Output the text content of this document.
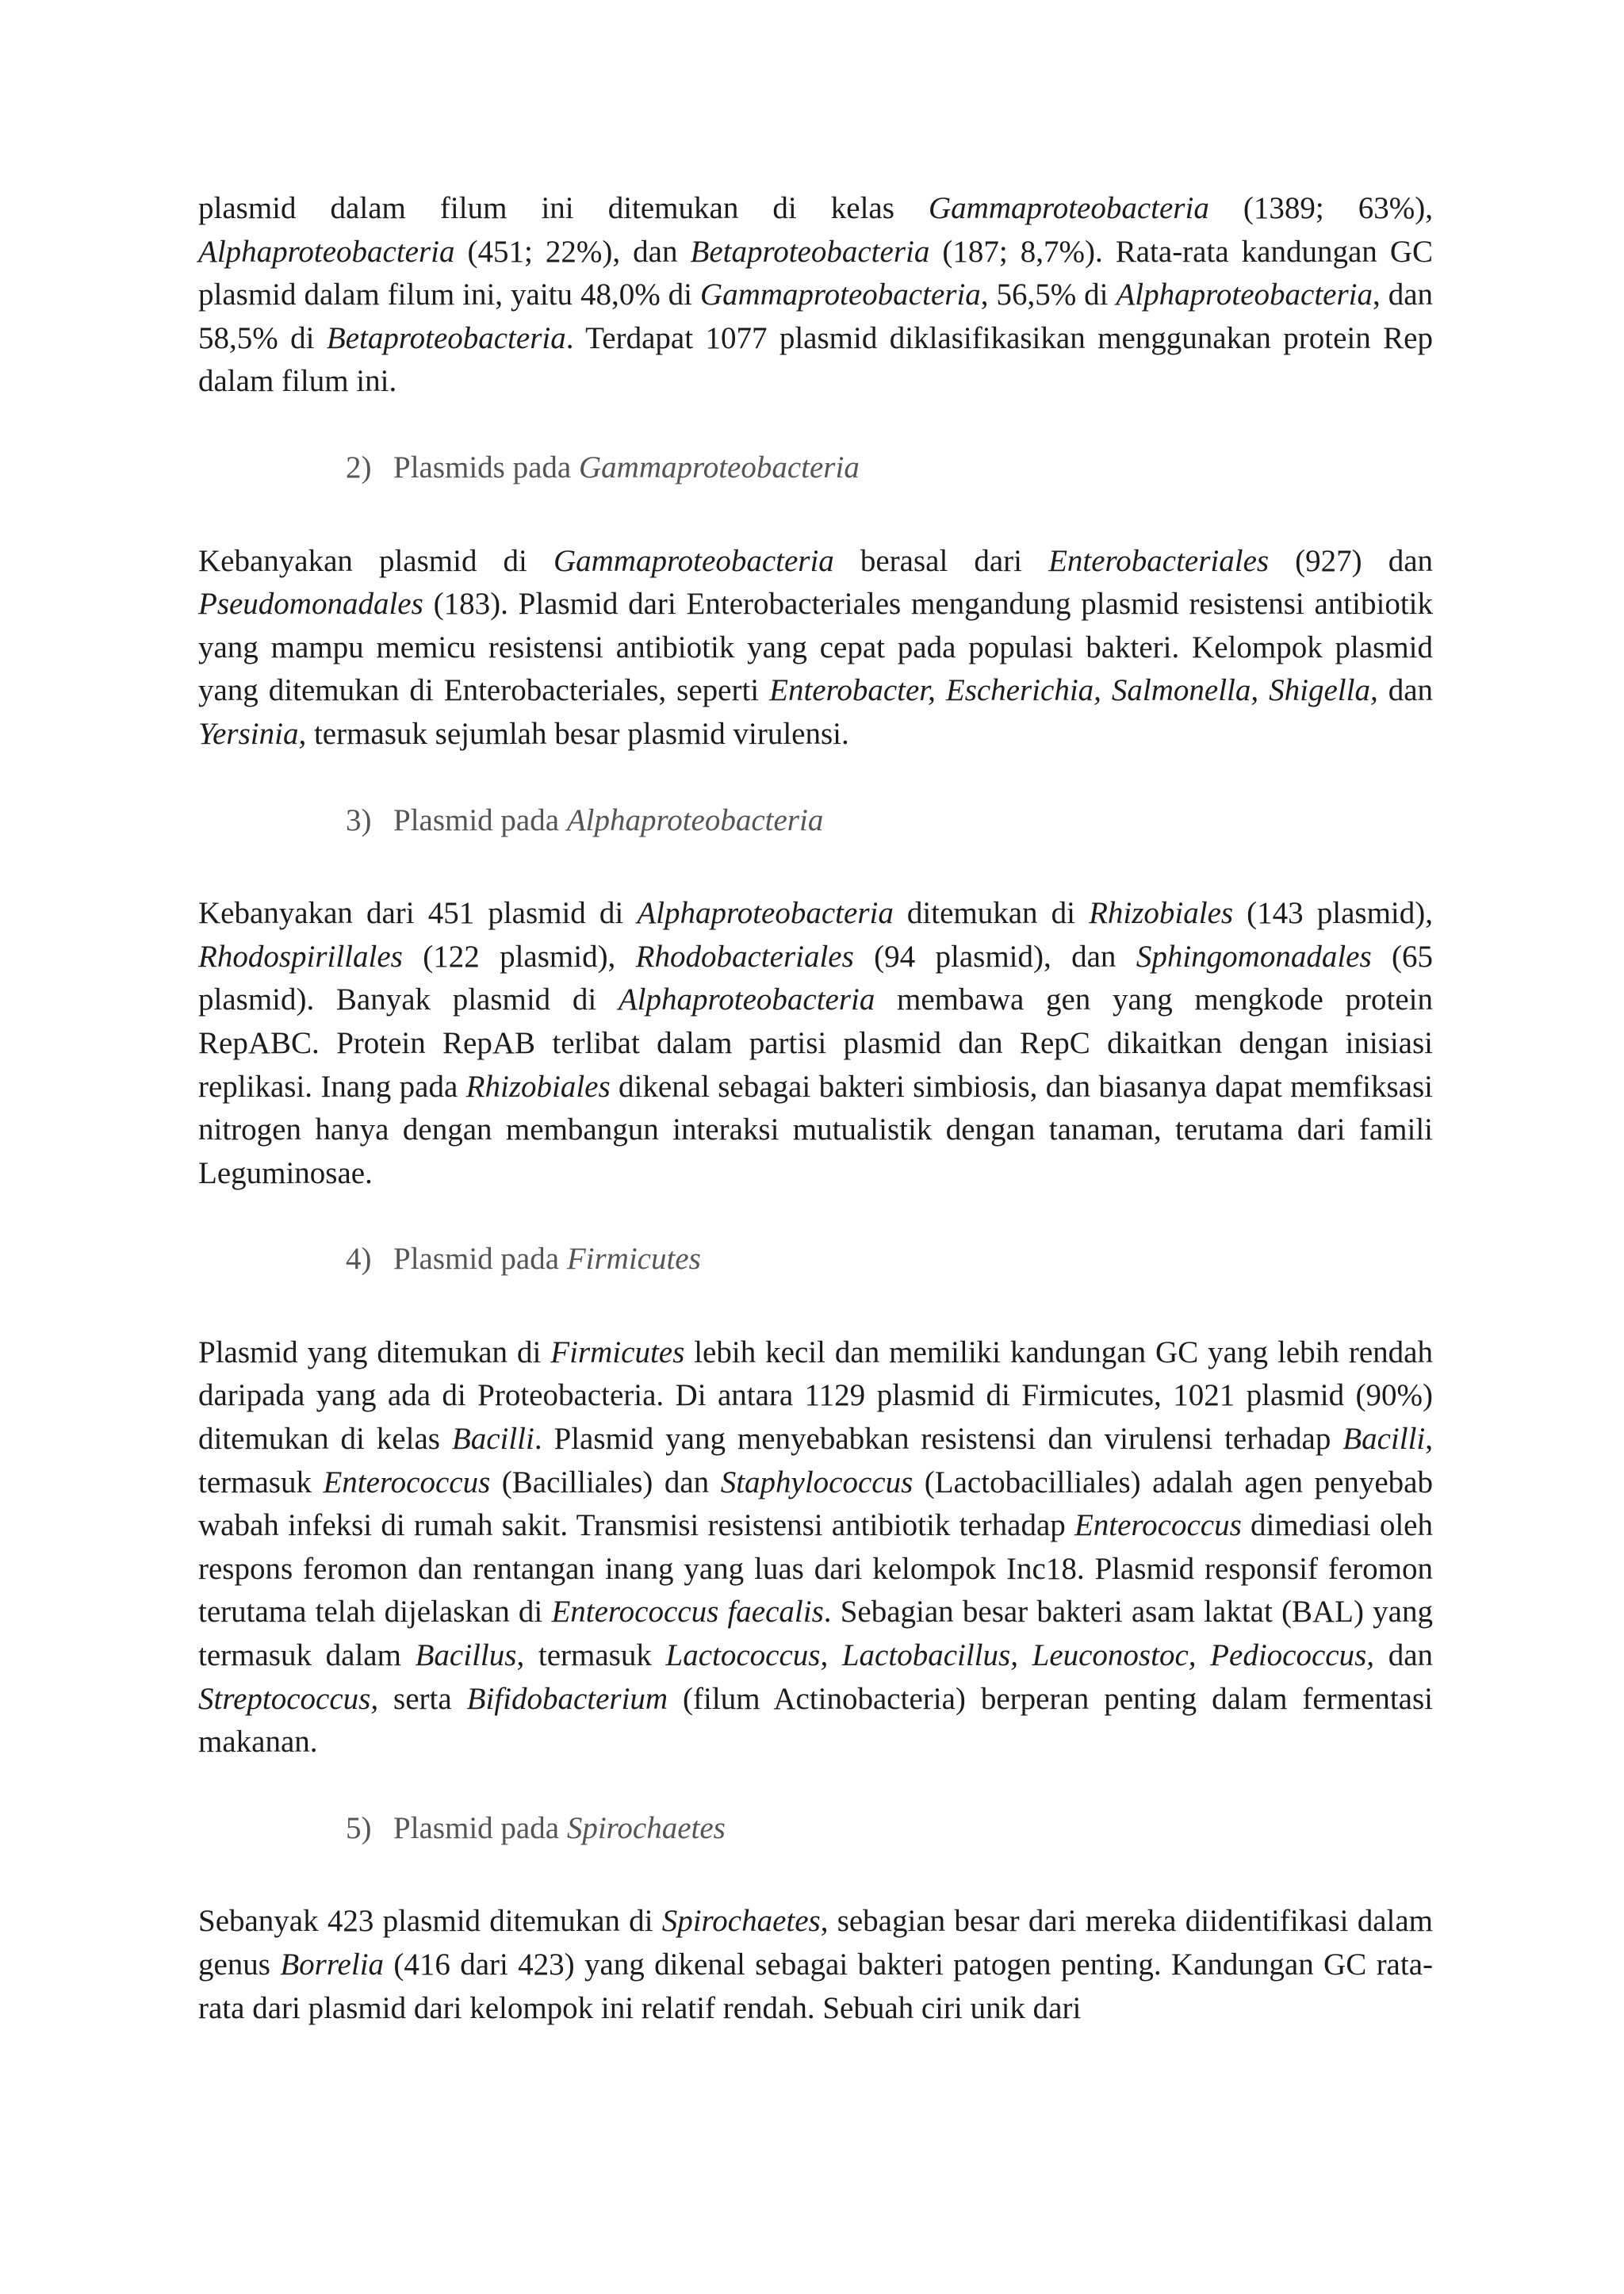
plasmid dalam filum ini ditemukan di kelas Gammaproteobacteria (1389; 63%), Alphaproteobacteria (451; 22%), dan Betaproteobacteria (187; 8,7%). Rata-rata kandungan GC plasmid dalam filum ini, yaitu 48,0% di Gammaproteobacteria, 56,5% di Alphaproteobacteria, dan 58,5% di Betaproteobacteria. Terdapat 1077 plasmid diklasifikasikan menggunakan protein Rep dalam filum ini.

2) Plasmids pada Gammaproteobacteria

Kebanyakan plasmid di Gammaproteobacteria berasal dari Enterobacteriales (927) dan Pseudomonadales (183). Plasmid dari Enterobacteriales mengandung plasmid resistensi antibiotik yang mampu memicu resistensi antibiotik yang cepat pada populasi bakteri. Kelompok plasmid yang ditemukan di Enterobacteriales, seperti Enterobacter, Escherichia, Salmonella, Shigella, dan Yersinia, termasuk sejumlah besar plasmid virulensi.

3) Plasmid pada Alphaproteobacteria

Kebanyakan dari 451 plasmid di Alphaproteobacteria ditemukan di Rhizobiales (143 plasmid), Rhodospirillales (122 plasmid), Rhodobacteriales (94 plasmid), dan Sphingomonadales (65 plasmid). Banyak plasmid di Alphaproteobacteria membawa gen yang mengkode protein RepABC. Protein RepAB terlibat dalam partisi plasmid dan RepC dikaitkan dengan inisiasi replikasi. Inang pada Rhizobiales dikenal sebagai bakteri simbiosis, dan biasanya dapat memfiksasi nitrogen hanya dengan membangun interaksi mutualistik dengan tanaman, terutama dari famili Leguminosae.

4) Plasmid pada Firmicutes

Plasmid yang ditemukan di Firmicutes lebih kecil dan memiliki kandungan GC yang lebih rendah daripada yang ada di Proteobacteria. Di antara 1129 plasmid di Firmicutes, 1021 plasmid (90%) ditemukan di kelas Bacilli. Plasmid yang menyebabkan resistensi dan virulensi terhadap Bacilli, termasuk Enterococcus (Bacilliales) dan Staphylococcus (Lactobacilliales) adalah agen penyebab wabah infeksi di rumah sakit. Transmisi resistensi antibiotik terhadap Enterococcus dimediasi oleh respons feromon dan rentangan inang yang luas dari kelompok Inc18. Plasmid responsif feromon terutama telah dijelaskan di Enterococcus faecalis. Sebagian besar bakteri asam laktat (BAL) yang termasuk dalam Bacillus, termasuk Lactococcus, Lactobacillus, Leuconostoc, Pediococcus, dan Streptococcus, serta Bifidobacterium (filum Actinobacteria) berperan penting dalam fermentasi makanan.

5) Plasmid pada Spirochaetes

Sebanyak 423 plasmid ditemukan di Spirochaetes, sebagian besar dari mereka diidentifikasi dalam genus Borrelia (416 dari 423) yang dikenal sebagai bakteri patogen penting. Kandungan GC rata-rata dari plasmid dari kelompok ini relatif rendah. Sebuah ciri unik dari
